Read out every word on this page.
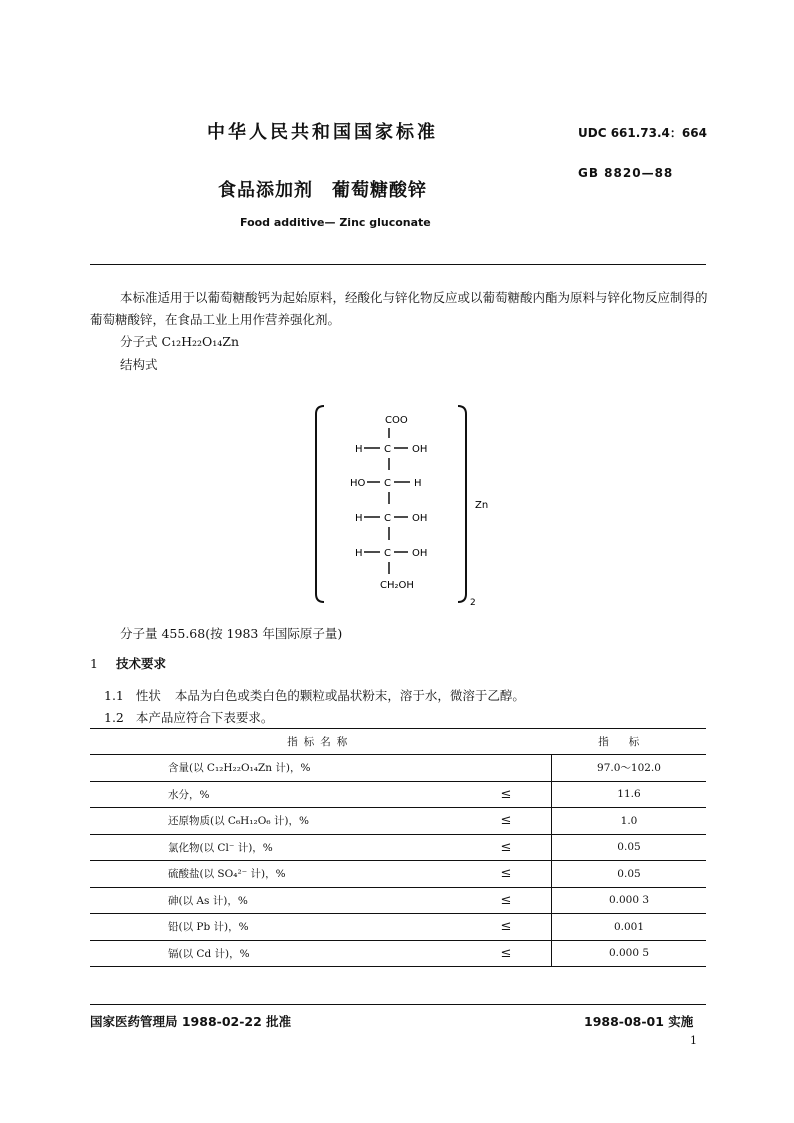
中华人民共和国国家标准	UDC 661.73.4：664
GB 8820—88
食品添加剂　葡萄糖酸锌
Food additive— Zinc gluconate
本标准适用于以葡萄糖酸钙为起始原料，经酸化与锌化物反应或以葡萄糖酸内酯为原料与锌化物反应制得的葡萄糖酸锌，在食品工业上用作营养强化剂。
分子式 C₁₂H₂₂O₁₄Zn
结构式
COO
H C OH
HO C H
H C OH
H C OH
CH₂OH
Zn
2
分子量 455.68(按 1983 年国际原子量)
1 技术要求
1.1 性状 本品为白色或类白色的颗粒或晶状粉末，溶于水，微溶于乙醇。
1.2 本产品应符合下表要求。
指标名称		指标
含量(以 C₁₂H₂₂O₁₄Zn 计)，%		97.0～102.0
水分，%	≤	11.6
还原物质(以 C₆H₁₂O₆ 计)，%	≤	1.0
氯化物(以 Cl⁻ 计)，%	≤	0.05
硫酸盐(以 SO₄²⁻ 计)，%	≤	0.05
砷(以 As 计)，%	≤	0.000 3
铅(以 Pb 计)，%	≤	0.001
镉(以 Cd 计)，%	≤	0.000 5
国家医药管理局 1988-02-22 批准	1988-08-01 实施
1
